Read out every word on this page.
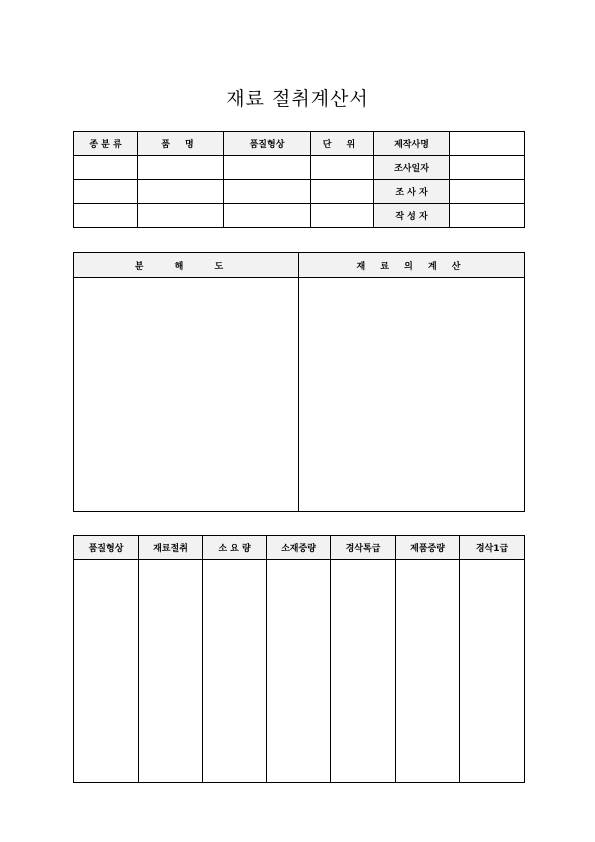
재료 절취계산서
종 분 류	품 명	품질형상	단 위	제작사명	
				조사일자	
				조 사 자	
				작 성 자	
분 해 도	재 료 의 계 산

품질형상	재료절취	소 요 량	소재중량	경삭톡급	제품중량	경삭1급
